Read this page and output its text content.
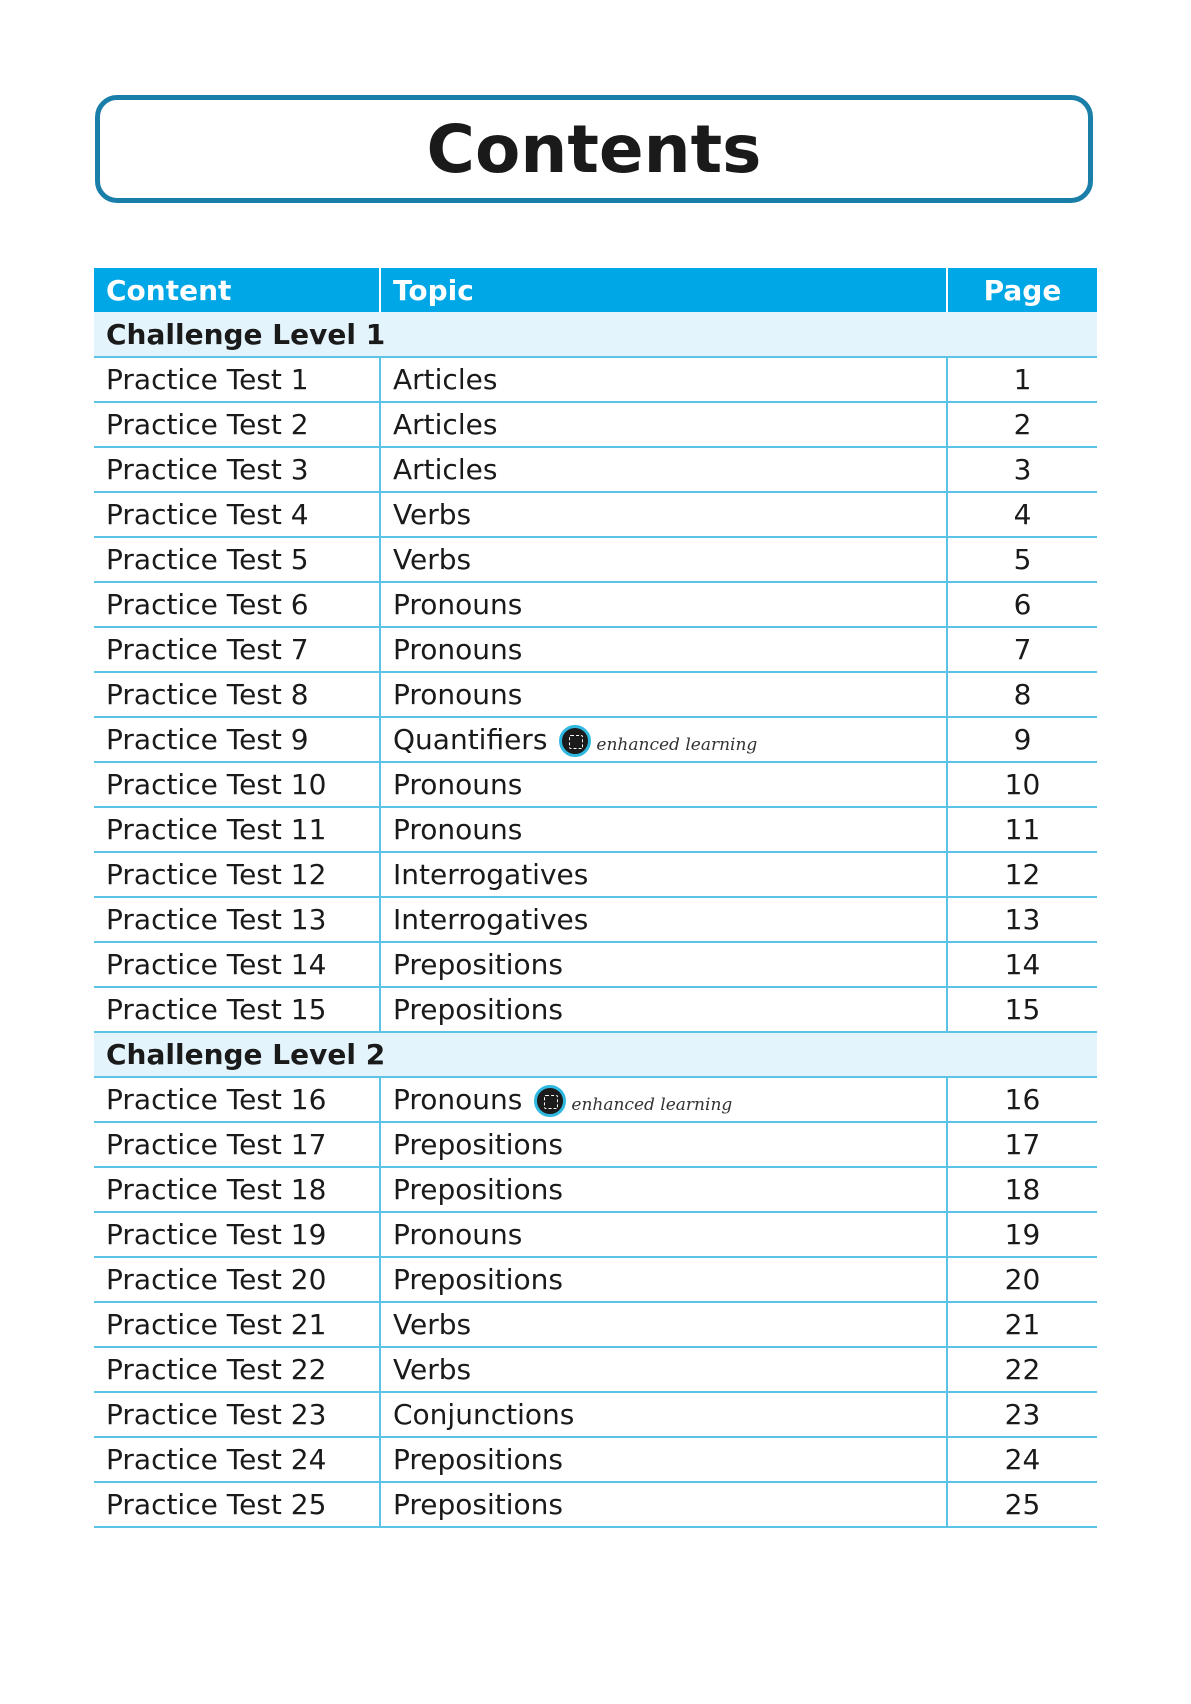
Contents
Content	Topic	Page
Challenge Level 1		
Practice Test 1	Articles	1
Practice Test 2	Articles	2
Practice Test 3	Articles	3
Practice Test 4	Verbs	4
Practice Test 5	Verbs	5
Practice Test 6	Pronouns	6
Practice Test 7	Pronouns	7
Practice Test 8	Pronouns	8
Practice Test 9	Quantifiers enhanced learning	9
Practice Test 10	Pronouns	10
Practice Test 11	Pronouns	11
Practice Test 12	Interrogatives	12
Practice Test 13	Interrogatives	13
Practice Test 14	Prepositions	14
Practice Test 15	Prepositions	15
Challenge Level 2		
Practice Test 16	Pronouns enhanced learning	16
Practice Test 17	Prepositions	17
Practice Test 18	Prepositions	18
Practice Test 19	Pronouns	19
Practice Test 20	Prepositions	20
Practice Test 21	Verbs	21
Practice Test 22	Verbs	22
Practice Test 23	Conjunctions	23
Practice Test 24	Prepositions	24
Practice Test 25	Prepositions	25
